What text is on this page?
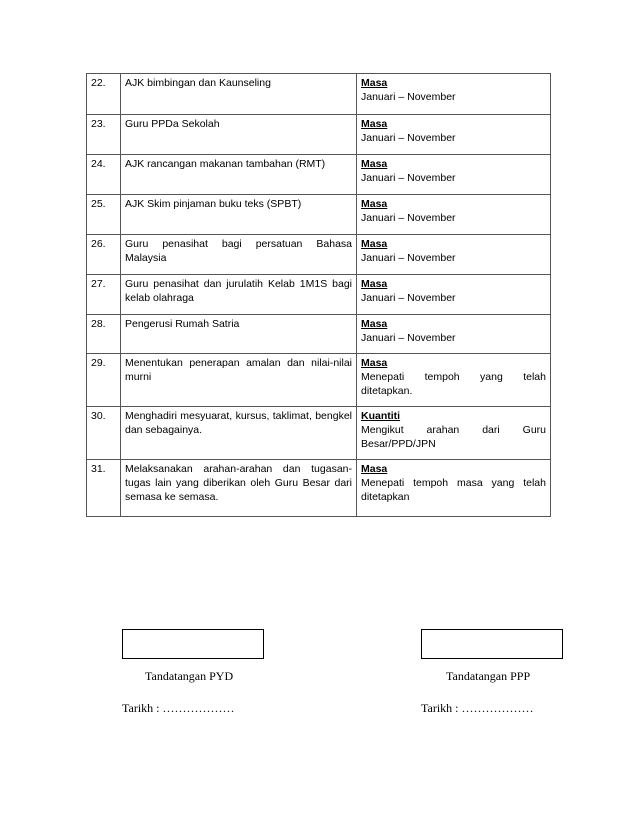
22.	AJK bimbingan dan Kaunseling	Masa
Januari – November

23.	Guru PPDa Sekolah	Masa
Januari – November

24.	AJK rancangan makanan tambahan (RMT)	Masa
Januari – November

25.	AJK Skim pinjaman buku teks (SPBT)	Masa
Januari – November

26.	Guru penasihat bagi persatuan Bahasa Malaysia	Masa
Januari – November

27.	Guru penasihat dan jurulatih Kelab 1M1S bagi kelab olahraga	Masa
Januari – November

28.	Pengerusi Rumah Satria	Masa
Januari – November

29.	Menentukan penerapan amalan dan nilai-nilai murni	Masa
Menepati tempoh yang telah ditetapkan.

30.	Menghadiri mesyuarat, kursus, taklimat, bengkel dan sebagainya.	Kuantiti
Mengikut arahan dari Guru Besar/PPD/JPN

31.	Melaksanakan arahan-arahan dan tugasan-tugas lain yang diberikan oleh Guru Besar dari semasa ke semasa.	Masa
Menepati tempoh masa yang telah ditetapkan
Tandatangan PYD	Tandatangan PPP
Tarikh : ………………	Tarikh : ………………
